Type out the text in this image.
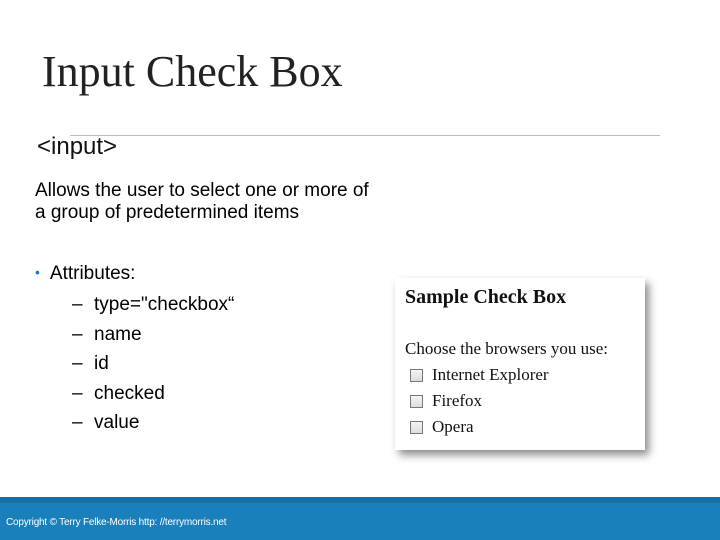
Input Check Box
<input>
Allows the user to select one or more of a group of predetermined items
• Attributes:
– type="checkbox“
– name
– id
– checked
– value
Sample Check Box
Choose the browsers you use:
Internet Explorer
Firefox
Opera
Copyright © Terry Felke-Morris http: //terrymorris.net
